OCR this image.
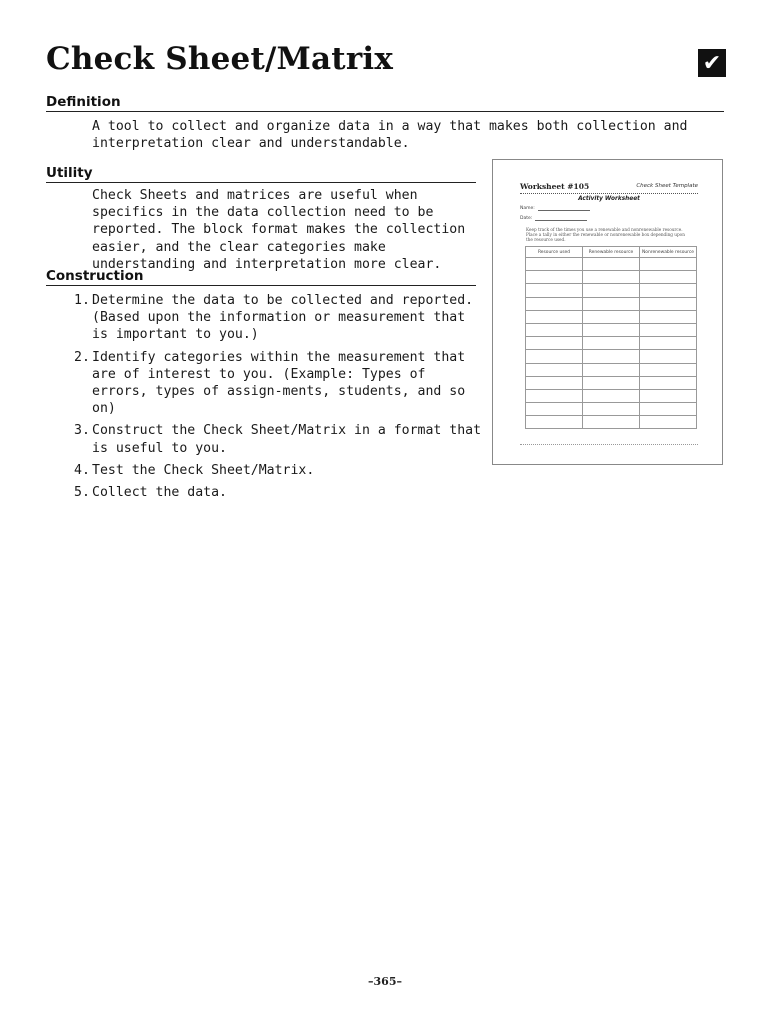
Check Sheet/Matrix	✔
Definition

A tool to collect and organize data in a way that makes both collection and interpretation clear and understandable.

Utility

Check Sheets and matrices are useful when specifics in the data collection need to be reported. The block format makes the collection easier, and the clear categories make understanding and interpretation more clear.

Construction
1. Determine the data to be collected and reported. (Based upon the information or measurement that is important to you.)
2. Identify categories within the measurement that are of interest to you. (Example: Types of errors, types of assign-ments, students, and so on)
3. Construct the Check Sheet/Matrix in a format that is useful to you.
4. Test the Check Sheet/Matrix.
5. Collect the data.
Worksheet #105	Check Sheet Template
Activity Worksheet
Name:
Date:
Keep track of the times you use a renewable and nonrenewable resource. Place a tally in either the renewable or nonrenewable box depending upon the resource used.
Resource used	Renewable resource	Nonrenewable resource

–365–
